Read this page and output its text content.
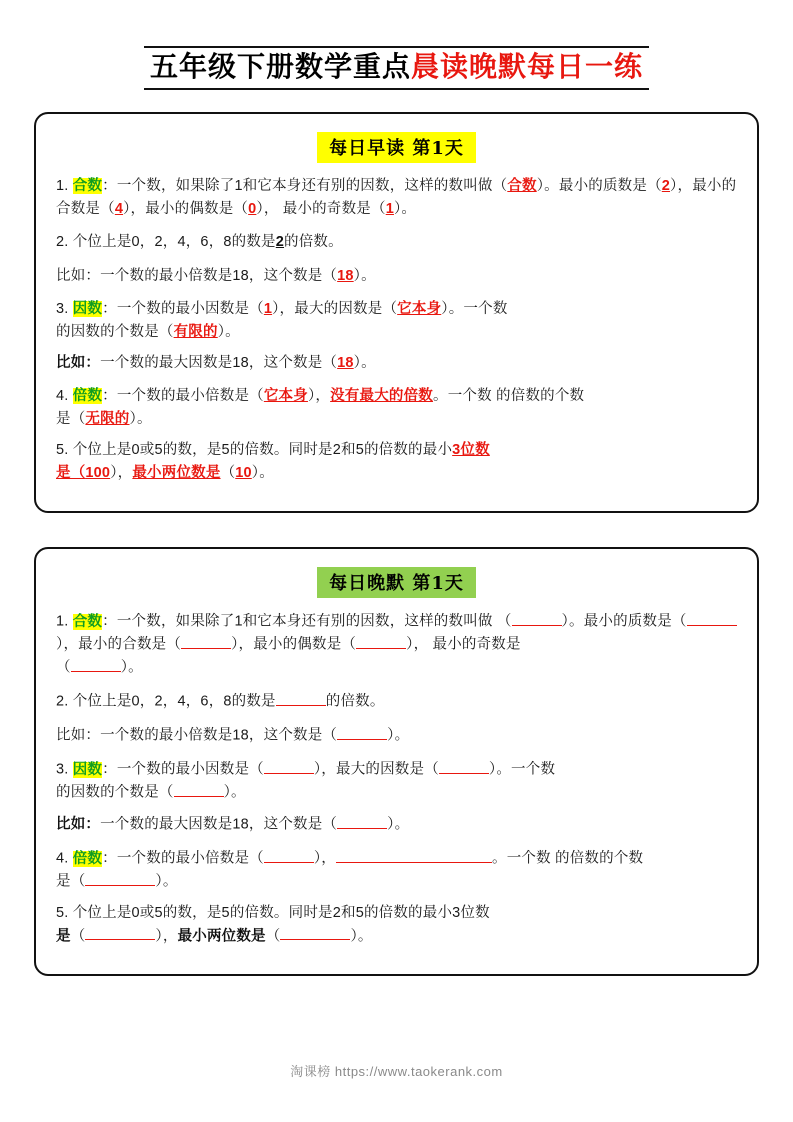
五年级下册数学重点晨读晚默每日一练
每日早读 第1天

1. 合数：一个数，如果除了1和它本身还有别的因数，这样的数叫做（合数）。最小的质数是（2），最小的合数是（4），最小的偶数是（0）， 最小的奇数是（1）。

2. 个位上是0，2，4，6，8的数是2的倍数。

比如：一个数的最小倍数是18，这个数是（18）。

3. 因数：一个数的最小因数是（1），最大的因数是（它本身）。一个数
的因数的个数是（有限的）。

比如：一个数的最大因数是18，这个数是（18）。

4. 倍数：一个数的最小倍数是（它本身），没有最大的倍数。一个数 的倍数的个数
是（无限的）。

5. 个位上是0或5的数，是5的倍数。同时是2和5的倍数的最小3位数
是（100），最小两位数是（10）。

每日晚默 第1天

1. 合数：一个数，如果除了1和它本身还有别的因数，这样的数叫做 （	）。最小的质数是（），最小的合数是（	），最小的偶数是（	）， 最小的奇数是
（	）。

2. 个位上是0，2，4，6，8的数是	的倍数。

比如：一个数的最小倍数是18，这个数是（	）。

3. 因数：一个数的最小因数是（	），最大的因数是（	）。一个数
的因数的个数是（	）。

比如：一个数的最大因数是18，这个数是（	）。

4. 倍数：一个数的最小倍数是（	），	。一个数 的倍数的个数
是（	）。

5. 个位上是0或5的数，是5的倍数。同时是2和5的倍数的最小3位数
是（	），最小两位数是（	）。

淘课榜 https://www.taokerank.com
